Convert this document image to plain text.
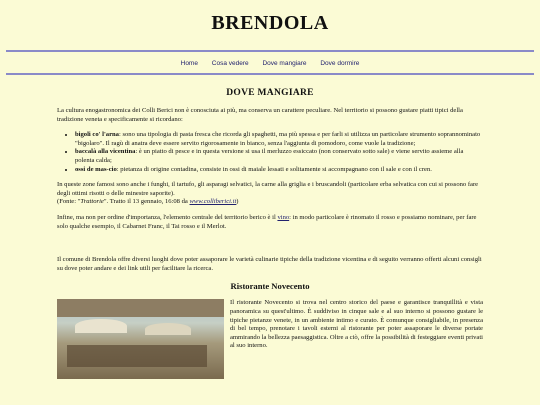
BRENDOLA
Home Cosa vedere Dove mangiare Dove dormire
DOVE MANGIARE

La cultura enogastronomica dei Colli Berici non è conosciuta ai più, ma conserva un carattere peculiare. Nel territorio si possono gustare piatti tipici della tradizione veneta e specificamente si ricordano:

• bigoli co' l'arna: sono una tipologia di pasta fresca che ricorda gli spaghetti, ma più spessa e per farli si utilizza un particolare strumento soprannominato "bigolaro". Il ragù di anatra deve essere servito rigorosamente in bianco, senza l'aggiunta di pomodoro, come vuole la tradizione;
• baccalà alla vicentina: è un piatto di pesce e in questa versione si usa il merluzzo essiccato (non conservato sotto sale) e viene servito assieme alla polenta calda;
• ossi de mas-cio: pietanza di origine contadina, consiste in ossi di maiale lessati e solitamente si accompagnano con il sale e con il cren.

In queste zone famosi sono anche i funghi, il tartufo, gli asparagi selvatici, la carne alla griglia e i bruscandoli (particolare erba selvatica con cui si possono fare degli ottimi risotti o delle minestre saporite).
(Fonte: "Trattorie". Tratto il 13 gennaio, 16:08 da www.colliberici.it)

Infine, ma non per ordine d'importanza, l'elemento centrale del territorio berico è il vino: in modo particolare è rinomato il rosso e possiamo nominare, per fare solo qualche esempio, il Cabarnet Franc, il Tai rosso e il Merlot.

Il comune di Brendola offre diversi luoghi dove poter assaporare le varietà culinarie tipiche della tradizione vicentina e di seguito verranno offerti alcuni consigli su dove poter andare e dei link utili per facilitare la ricerca.

Ristorante Novecento

Il ristorante Novecento si trova nel centro storico del paese e garantisce tranquillità e vista panoramica su quest'ultimo. È suddiviso in cinque sale e al suo interno si possono gustare le tipiche pietanze venete, in un ambiente intimo e curato. È comunque consigliabile, in presenza di bel tempo, prenotare i tavoli esterni al ristorante per poter assaporare le diverse portate ammirando la bellezza paesaggistica. Oltre a ciò, offre la possibilità di festeggiare eventi privati al suo interno.
